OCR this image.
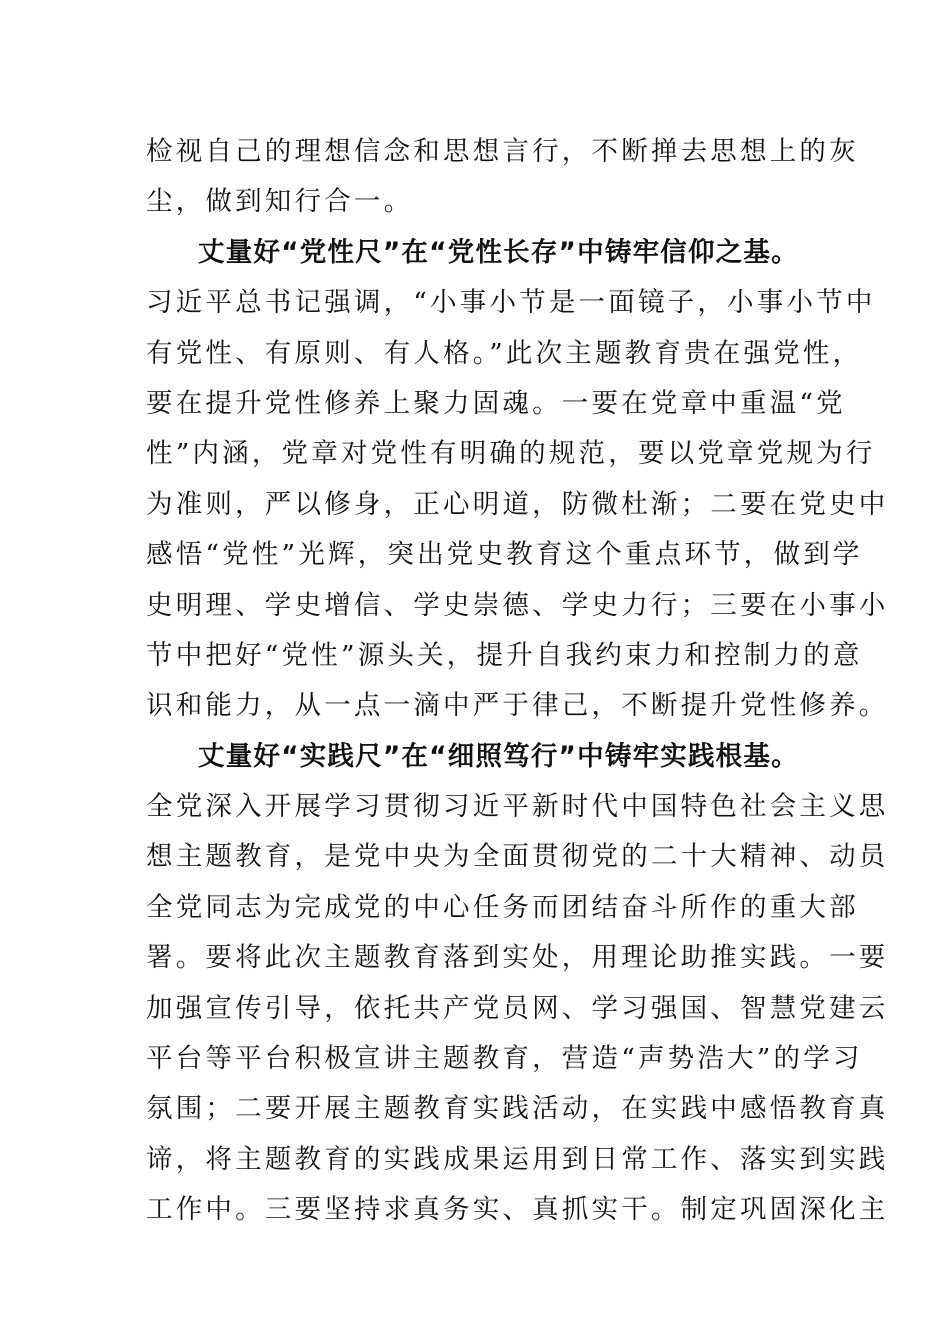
检视自己的理想信念和思想言行，不断掸去思想上的灰
尘，做到知行合一。
丈量好“党性尺”在“党性长存”中铸牢信仰之基。
习近平总书记强调，“小事小节是一面镜子，小事小节中
有党性、有原则、有人格。”此次主题教育贵在强党性，
要在提升党性修养上聚力固魂。一要在党章中重温“党
性”内涵，党章对党性有明确的规范，要以党章党规为行
为准则，严以修身，正心明道，防微杜渐；二要在党史中
感悟“党性”光辉，突出党史教育这个重点环节，做到学
史明理、学史增信、学史崇德、学史力行；三要在小事小
节中把好“党性”源头关，提升自我约束力和控制力的意
识和能力，从一点一滴中严于律己，不断提升党性修养。
丈量好“实践尺”在“细照笃行”中铸牢实践根基。
全党深入开展学习贯彻习近平新时代中国特色社会主义思
想主题教育，是党中央为全面贯彻党的二十大精神、动员
全党同志为完成党的中心任务而团结奋斗所作的重大部
署。要将此次主题教育落到实处，用理论助推实践。一要
加强宣传引导，依托共产党员网、学习强国、智慧党建云
平台等平台积极宣讲主题教育，营造“声势浩大”的学习
氛围；二要开展主题教育实践活动，在实践中感悟教育真
谛，将主题教育的实践成果运用到日常工作、落实到实践
工作中。三要坚持求真务实、真抓实干。制定巩固深化主
